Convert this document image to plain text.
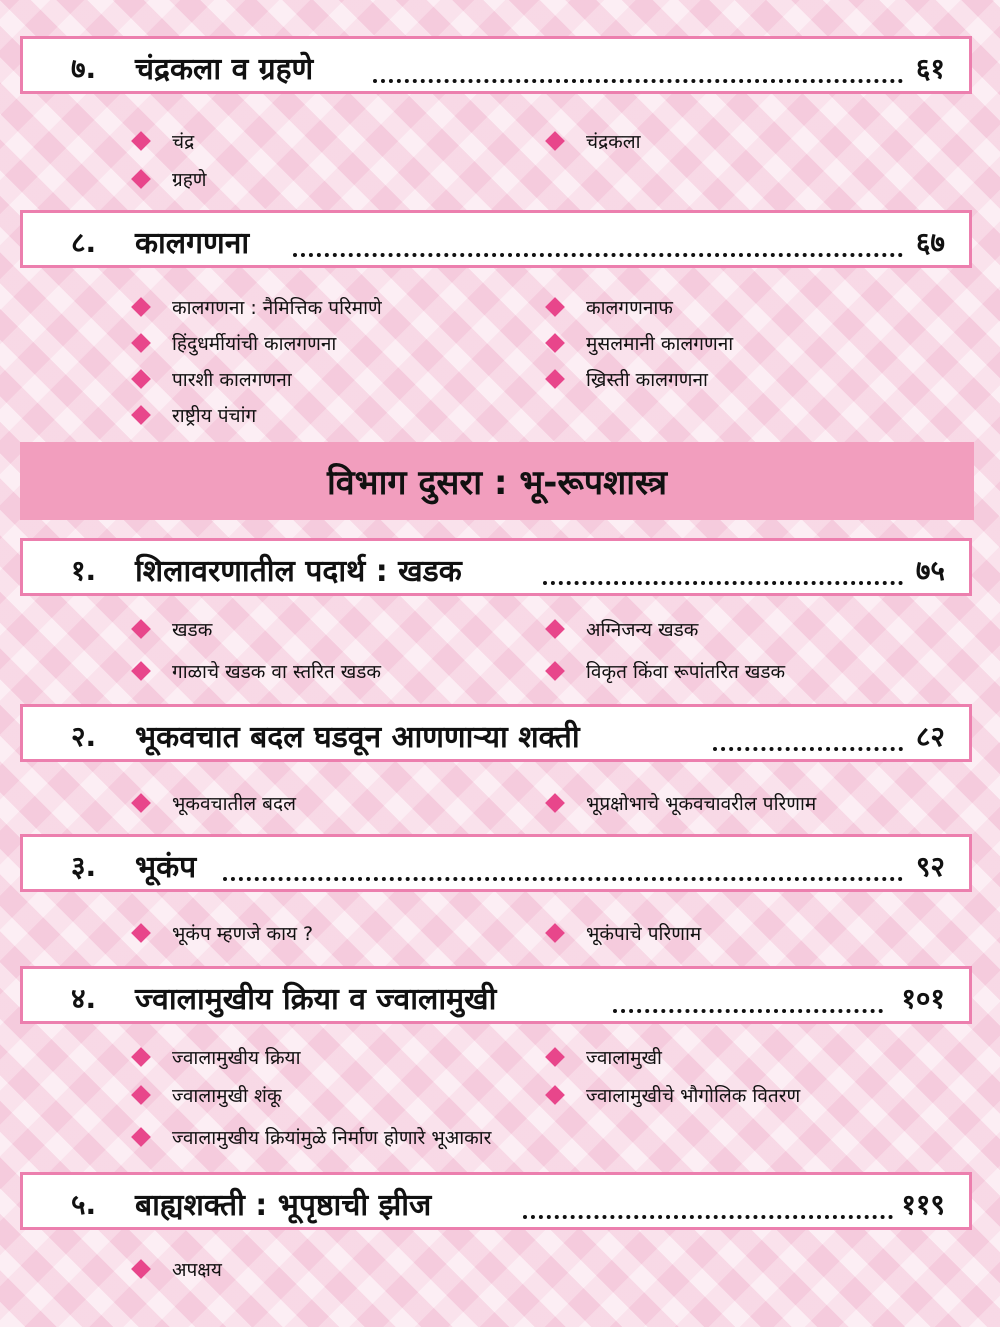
७. चंद्रकला व ग्रहणे	६१
चंद्र	चंद्रकला
ग्रहणे
८. कालगणना	६७
कालगणना : नैमित्तिक परिमाणे	कालगणनाफ
हिंदुधर्मीयांची कालगणना	मुसलमानी कालगणना
पारशी कालगणना	ख्रिस्ती कालगणना
राष्ट्रीय पंचांग
विभाग दुसरा : भू-रूपशास्त्र
१. शिलावरणातील पदार्थ : खडक	७५
खडक	अग्निजन्य खडक
गाळाचे खडक वा स्तरित खडक	विकृत किंवा रूपांतरित खडक
२. भूकवचात बदल घडवून आणणाऱ्या शक्ती	८२
भूकवचातील बदल	भूप्रक्षोभाचे भूकवचावरील परिणाम
३. भूकंप	९२
भूकंप म्हणजे काय ?	भूकंपाचे परिणाम
४. ज्वालामुखीय क्रिया व ज्वालामुखी	१०१
ज्वालामुखीय क्रिया	ज्वालामुखी
ज्वालामुखी शंकू	ज्वालामुखीचे भौगोलिक वितरण
ज्वालामुखीय क्रियांमुळे निर्माण होणारे भूआकार
५. बाह्यशक्ती : भूपृष्ठाची झीज	११९
अपक्षय
